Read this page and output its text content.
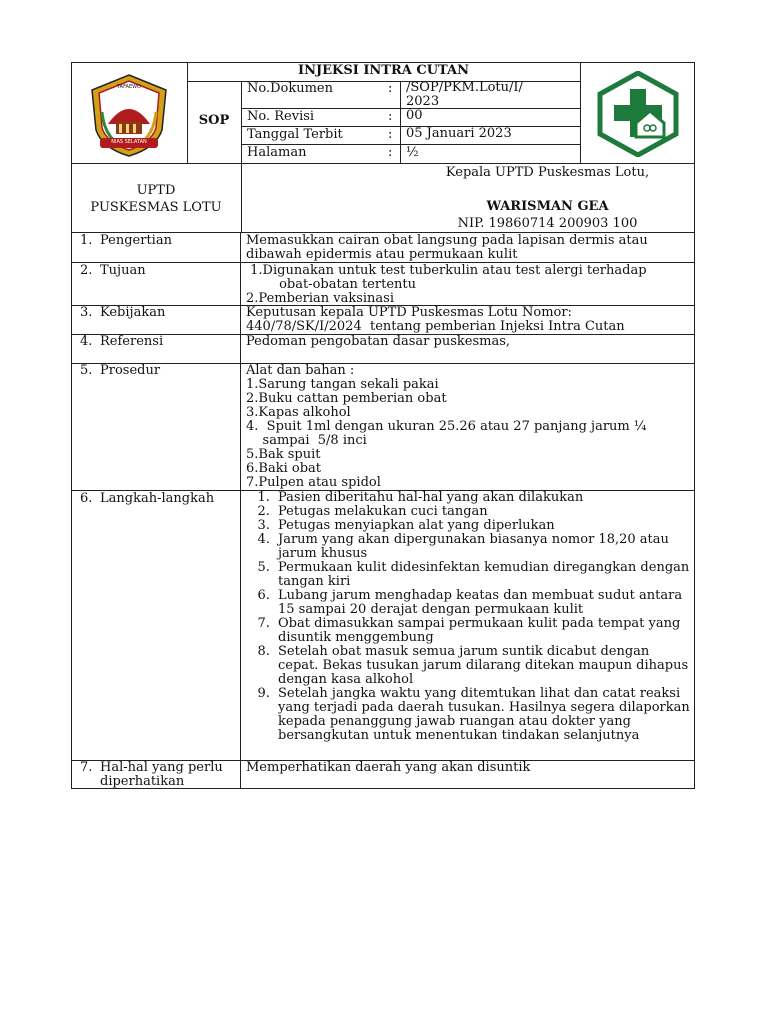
TAFAEWO
NIAS SELATAN
INJEKSI INTRA CUTAN
SOP
No.Dokumen	: /SOP/PKM.Lotu/I/
2023
No. Revisi	: 00
Tanggal Terbit	: 05 Januari 2023
Halaman	: ½
UPTD
PUSKESMAS LOTU
Kepala UPTD Puskesmas Lotu,
WARISMAN GEA
NIP. 19860714 200903 100
1. Pengertian	Memasukkan cairan obat langsung pada lapisan dermis atau
dibawah epidermis atau permukaan kulit
2. Tujuan	1.Digunakan untuk test tuberkulin atau test alergi terhadap
obat-obatan tertentu
2.Pemberian vaksinasi
3. Kebijakan	Keputusan kepala UPTD Puskesmas Lotu Nomor:
440/78/SK/I/2024  tentang pemberian Injeksi Intra Cutan
4. Referensi	Pedoman pengobatan dasar puskesmas,
5. Prosedur	Alat dan bahan :
1.Sarung tangan sekali pakai
2.Buku cattan pemberian obat
3.Kapas alkohol
4.  Spuit 1ml dengan ukuran 25.26 atau 27 panjang jarum ¼
sampai  5/8 inci
5.Bak spuit
6.Baki obat
7.Pulpen atau spidol
6. Langkah-langkah
1.	Pasien diberitahu hal-hal yang akan dilakukan
2. Petugas melakukan cuci tangan
3. Petugas menyiapkan alat yang diperlukan
4. Jarum yang akan dipergunakan biasanya nomor 18,20 atau jarum khusus
5. Permukaan kulit didesinfektan kemudian diregangkan dengan tangan kiri
6. Lubang jarum menghadap keatas dan membuat sudut antara 15 sampai 20 derajat dengan permukaan kulit
7. Obat dimasukkan sampai permukaan kulit pada tempat yang disuntik menggembung
8. Setelah obat masuk semua jarum suntik dicabut dengan cepat. Bekas tusukan jarum dilarang ditekan maupun dihapus dengan kasa alkohol
9. Setelah jangka waktu yang ditemtukan lihat dan catat reaksi yang terjadi pada daerah tusukan. Hasilnya segera dilaporkan kepada penanggung jawab ruangan atau dokter yang bersangkutan untuk menentukan tindakan selanjutnya
7. Hal-hal yang perlu
diperhatikan
Memperhatikan daerah yang akan disuntik
